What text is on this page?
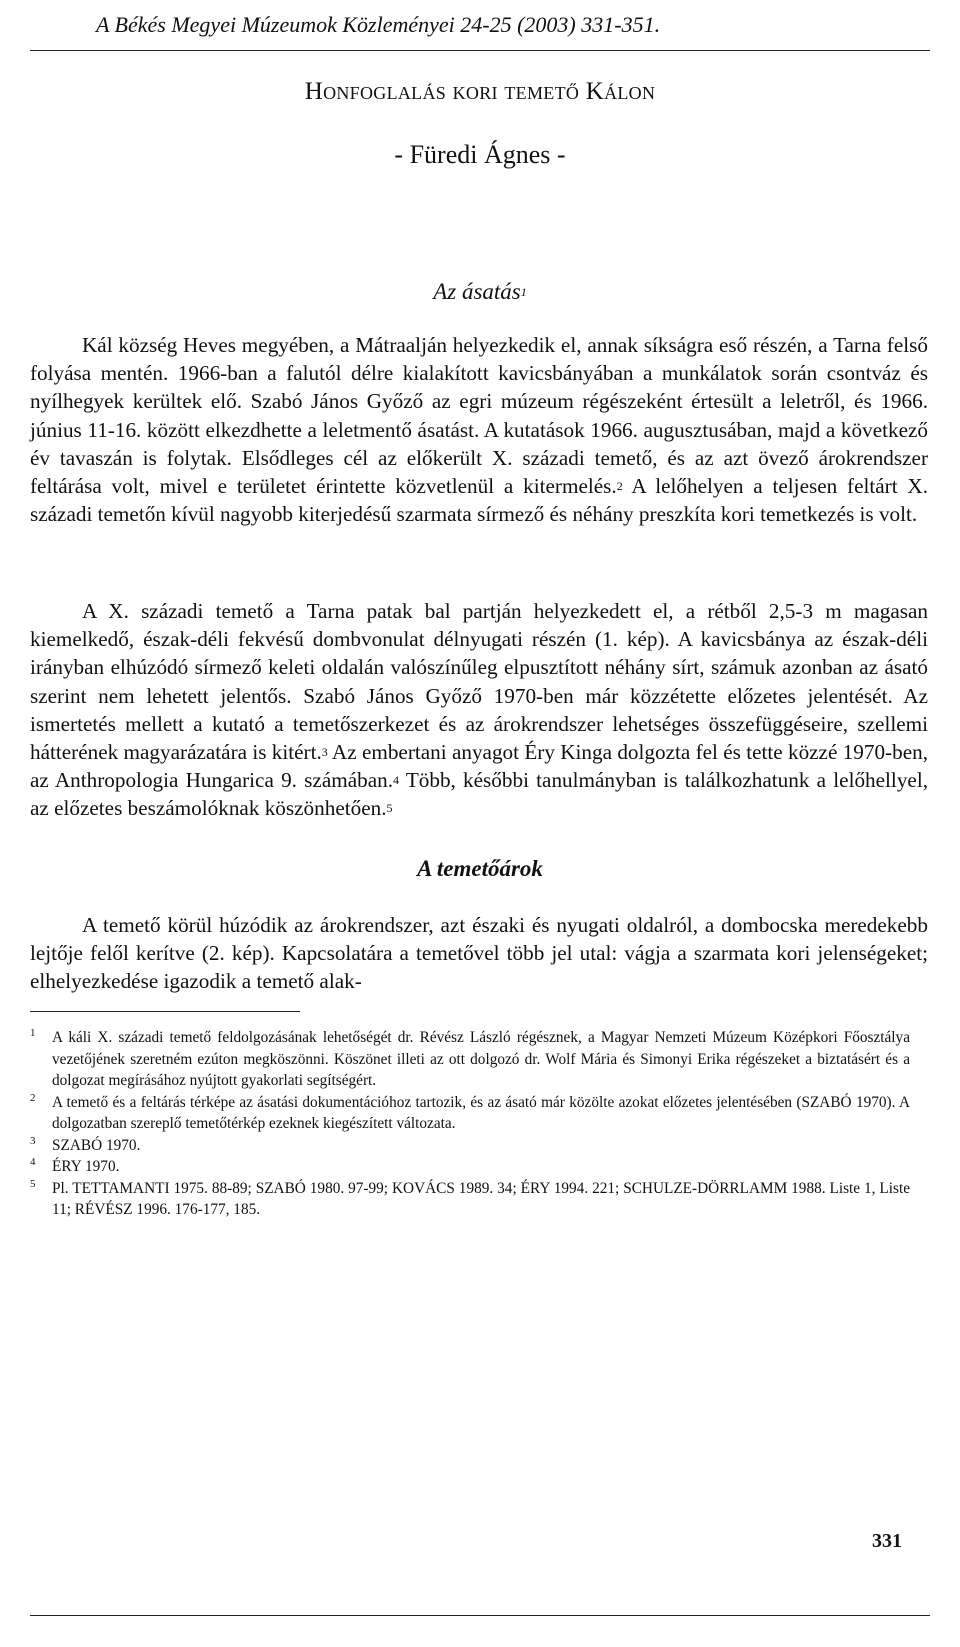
A Békés Megyei Múzeumok Közleményei 24-25 (2003) 331-351.
Honfoglalás kori temető Kálon
- Füredi Ágnes -
Az ásatás$^1$

Kál község Heves megyében, a Mátraalján helyezkedik el, annak síkságra eső részén, a Tarna felső folyása mentén. 1966-ban a falutól délre kialakított kavicsbányában a munkálatok során csontváz és nyílhegyek kerültek elő. Szabó János Győző az egri múzeum régészeként értesült a leletről, és 1966. június 11-16. között elkezdhette a leletmentő ásatást. A kutatások 1966. augusztusában, majd a következő év tavaszán is folytak. Elsődleges cél az előkerült X. századi temető, és az azt övező árokrendszer feltárása volt, mivel e területet érintette közvetlenül a kitermelés.$^2$ A lelőhelyen a teljesen feltárt X. századi temetőn kívül nagyobb kiterjedésű szarmata sírmező és néhány preszkíta kori temetkezés is volt.

A X. századi temető a Tarna patak bal partján helyezkedett el, a rétből 2,5-3 m magasan kiemelkedő, észak-déli fekvésű dombvonulat délnyugati részén (1. kép). A kavicsbánya az észak-déli irányban elhúzódó sírmező keleti oldalán valószínűleg elpusztított néhány sírt, számuk azonban az ásató szerint nem lehetett jelentős. Szabó János Győző 1970-ben már közzétette előzetes jelentését. Az ismertetés mellett a kutató a temetőszerkezet és az árokrendszer lehetséges összefüggéseire, szellemi hátterének magyarázatára is kitért.$^3$ Az embertani anyagot Éry Kinga dolgozta fel és tette közzé 1970-ben, az Anthropologia Hungarica 9. számában.$^4$ Több, későbbi tanulmányban is találkozhatunk a lelőhellyel, az előzetes beszámolóknak köszönhetően.$^5$

A temetőárok

A temető körül húzódik az árokrendszer, azt északi és nyugati oldalról, a dombocska meredekebb lejtője felől kerítve (2. kép). Kapcsolatára a temetővel több jel utal: vágja a szarmata kori jelenségeket; elhelyezkedése igazodik a temető alak-

1 A káli X. századi temető feldolgozásának lehetőségét dr. Révész László régésznek, a Magyar Nemzeti Múzeum Középkori Főosztálya vezetőjének szeretném ezúton megköszönni. Köszönet illeti az ott dolgozó dr. Wolf Mária és Simonyi Erika régészeket a biztatásért és a dolgozat megírásához nyújtott gyakorlati segítségért.
2 A temető és a feltárás térképe az ásatási dokumentációhoz tartozik, és az ásató már közölte azokat előzetes jelentésében (SZABÓ 1970). A dolgozatban szereplő temetőtérkép ezeknek kiegészített változata.
3 SZABÓ 1970.
4 ÉRY 1970.
5 Pl. TETTAMANTI 1975. 88-89; SZABÓ 1980. 97-99; KOVÁCS 1989. 34; ÉRY 1994. 221; SCHULZE-DÖRRLAMM 1988. Liste 1, Liste 11; RÉVÉSZ 1996. 176-177, 185.
331
